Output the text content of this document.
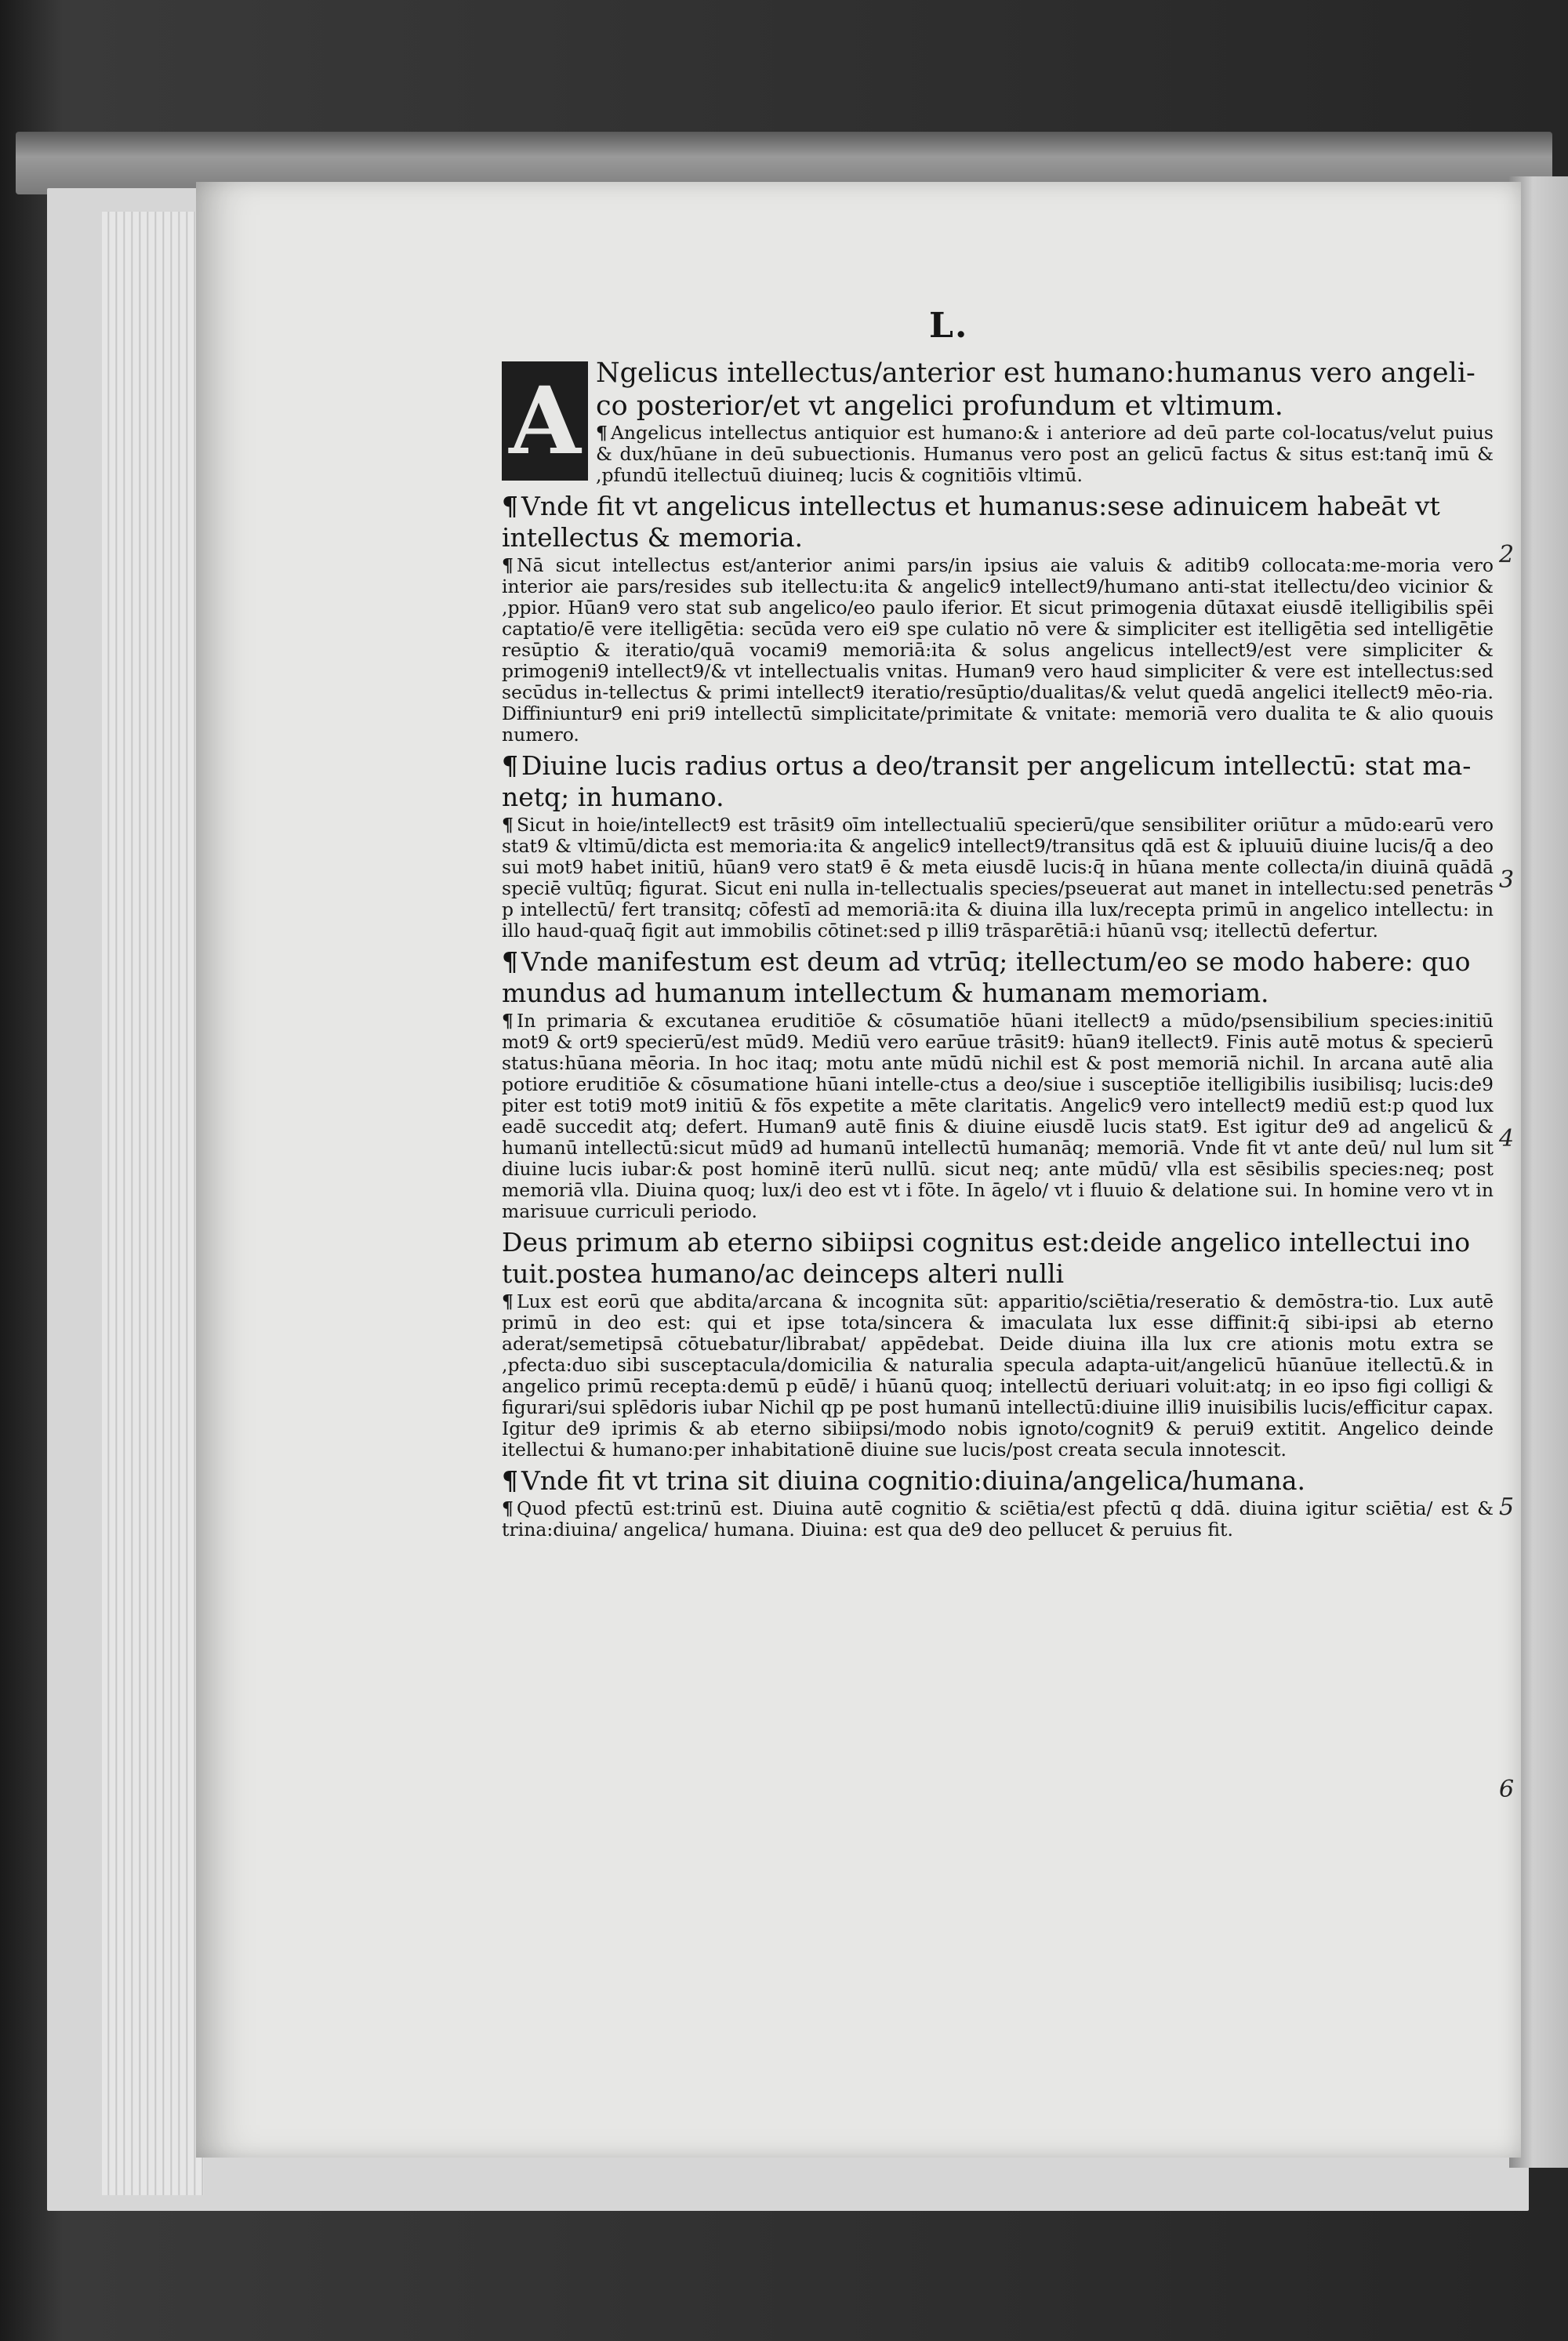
L.
2
3
4
5
6
A Ngelicus intellectus/anterior est humano:humanus vero angeli-co posterior/et vt angelici profundum et vltimum.

¶ Angelicus intellectus antiquior est humano:& i anteriore ad deū parte col-locatus/velut puius & dux/hūane in deū subuectionis. Humanus vero post an gelicū factus & situs est:tanq̄ imū & ,pfundū itellectuū diuineq; lucis & cognitiōis vltimū.

¶ Vnde fit vt angelicus intellectus et humanus:sese adinuicem habeāt vt intellectus & memoria.

¶ Nā sicut intellectus est/anterior animi pars/in ipsius aie valuis & aditib9 collocata:me-moria vero interior aie pars/resides sub itellectu:ita & angelic9 intellect9/humano anti-stat itellectu/deo vicinior & ,ppior. Hūan9 vero stat sub angelico/eo paulo iferior. Et sicut primogenia dūtaxat eiusdē itelligibilis spēi captatio/ē vere itelligētia: secūda vero ei9 spe culatio nō vere & simpliciter est itelligētia sed intelligētie resūptio & iteratio/quā vocami9 memoriā:ita & solus angelicus intellect9/est vere simpliciter & primogeni9 intellect9/& vt intellectualis vnitas. Human9 vero haud simpliciter & vere est intellectus:sed secūdus in-tellectus & primi intellect9 iteratio/resūptio/dualitas/& velut quedā angelici itellect9 mēo-ria. Diffiniuntur9 eni pri9 intellectū simplicitate/primitate & vnitate: memoriā vero dualita te & alio quouis numero.

¶ Diuine lucis radius ortus a deo/transit per angelicum intellectū: stat ma-netq; in humano.

¶ Sicut in hoie/intellect9 est trāsit9 oīm intellectualiū specierū/que sensibiliter oriūtur a mūdo:earū vero stat9 & vltimū/dicta est memoria:ita & angelic9 intellect9/transitus qdā est & ipluuiū diuine lucis/q̄ a deo sui mot9 habet initiū, hūan9 vero stat9 ē & meta eiusdē lucis:q̄ in hūana mente collecta/in diuinā quādā speciē vultūq; figurat. Sicut eni nulla in-tellectualis species/pseuerat aut manet in intellectu:sed penetrās p intellectū/ fert transitq; cōfestī ad memoriā:ita & diuina illa lux/recepta primū in angelico intellectu: in illo haud-quaq̄ figit aut immobilis cōtinet:sed p illi9 trāsparētiā:i hūanū vsq; itellectū defertur.

¶ Vnde manifestum est deum ad vtrūq; itellectum/eo se modo habere: quo mundus ad humanum intellectum & humanam memoriam.

¶ In primaria & excutanea eruditiōe & cōsumatiōe hūani itellect9 a mūdo/psensibilium species:initiū mot9 & ort9 specierū/est mūd9. Mediū vero earūue trāsit9: hūan9 itellect9. Finis autē motus & specierū status:hūana mēoria. In hoc itaq; motu ante mūdū nichil est & post memoriā nichil. In arcana autē alia potiore eruditiōe & cōsumatione hūani intelle-ctus a deo/siue i susceptiōe itelligibilis iusibilisq; lucis:de9 piter est toti9 mot9 initiū & fōs expetite a mēte claritatis. Angelic9 vero intellect9 mediū est:p quod lux eadē succedit atq; defert. Human9 autē finis & diuine eiusdē lucis stat9. Est igitur de9 ad angelicū & humanū intellectū:sicut mūd9 ad humanū intellectū humanāq; memoriā. Vnde fit vt ante deū/ nul lum sit diuine lucis iubar:& post hominē iterū nullū. sicut neq; ante mūdū/ vlla est sēsibilis species:neq; post memoriā vlla. Diuina quoq; lux/i deo est vt i fōte. In āgelo/ vt i fluuio & delatione sui. In homine vero vt in marisuue curriculi periodo.

Deus primum ab eterno sibiipsi cognitus est:deide angelico intellectui ino tuit.postea humano/ac deinceps alteri nulli

¶ Lux est eorū que abdita/arcana & incognita sūt: apparitio/sciētia/reseratio & demōstra-tio. Lux autē primū in deo est: qui et ipse tota/sincera & imaculata lux esse diffinit:q̄ sibi-ipsi ab eterno aderat/semetipsā cōtuebatur/librabat/ appēdebat. Deide diuina illa lux cre ationis motu extra se ,pfecta:duo sibi susceptacula/domicilia & naturalia specula adapta-uit/angelicū hūanūue itellectū.& in angelico primū recepta:demū p eūdē/ i hūanū quoq; intellectū deriuari voluit:atq; in eo ipso figi colligi & figurari/sui splēdoris iubar Nichil qp pe post humanū intellectū:diuine illi9 inuisibilis lucis/efficitur capax. Igitur de9 iprimis & ab eterno sibiipsi/modo nobis ignoto/cognit9 & perui9 extitit. Angelico deinde itellectui & humano:per inhabitationē diuine sue lucis/post creata secula innotescit.

¶ Vnde fit vt trina sit diuina cognitio:diuina/angelica/humana.

¶ Quod pfectū est:trinū est. Diuina autē cognitio & sciētia/est pfectū q ddā. diuina igitur sciētia/ est & trina:diuina/ angelica/ humana. Diuina: est qua de9 deo pellucet & peruius fit.
